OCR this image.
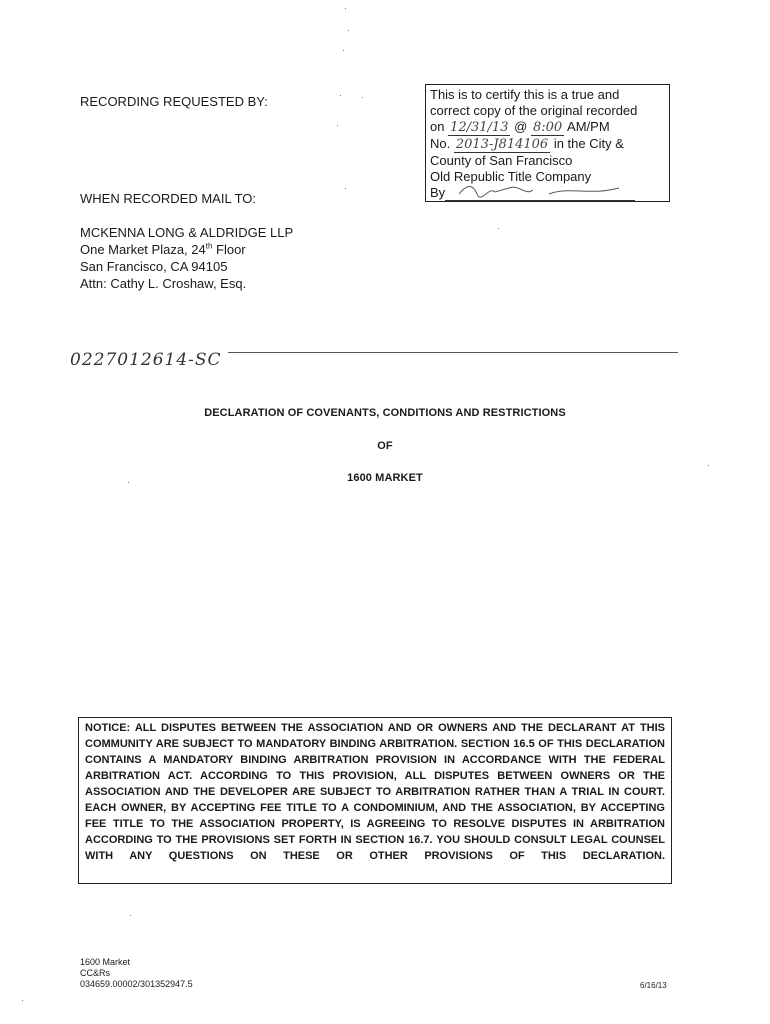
RECORDING REQUESTED BY:	This is to certify this is a true and
correct copy of the original recorded
on 12/31/13 @ 8:00 AM/PM
No. 2013-J814106 in the City &
County of San Francisco
Old Republic Title Company
By
WHEN RECORDED MAIL TO:
MCKENNA LONG & ALDRIDGE LLP
One Market Plaza, 24th Floor
San Francisco, CA 94105
Attn: Cathy L. Croshaw, Esq.
0227012614-SC
DECLARATION OF COVENANTS, CONDITIONS AND RESTRICTIONS
OF
1600 MARKET
NOTICE: ALL DISPUTES BETWEEN THE ASSOCIATION AND OR OWNERS AND THE DECLARANT AT THIS COMMUNITY ARE SUBJECT TO MANDATORY BINDING ARBITRATION. SECTION 16.5 OF THIS DECLARATION CONTAINS A MANDATORY BINDING ARBITRATION PROVISION IN ACCORDANCE WITH THE FEDERAL ARBITRATION ACT. ACCORDING TO THIS PROVISION, ALL DISPUTES BETWEEN OWNERS OR THE ASSOCIATION AND THE DEVELOPER ARE SUBJECT TO ARBITRATION RATHER THAN A TRIAL IN COURT. EACH OWNER, BY ACCEPTING FEE TITLE TO A CONDOMINIUM, AND THE ASSOCIATION, BY ACCEPTING FEE TITLE TO THE ASSOCIATION PROPERTY, IS AGREEING TO RESOLVE DISPUTES IN ARBITRATION ACCORDING TO THE PROVISIONS SET FORTH IN SECTION 16.7. YOU SHOULD CONSULT LEGAL COUNSEL WITH ANY QUESTIONS ON THESE OR OTHER PROVISIONS OF THIS DECLARATION.
1600 Market
CC&Rs
034659.00002/301352947.5	6/16/13
